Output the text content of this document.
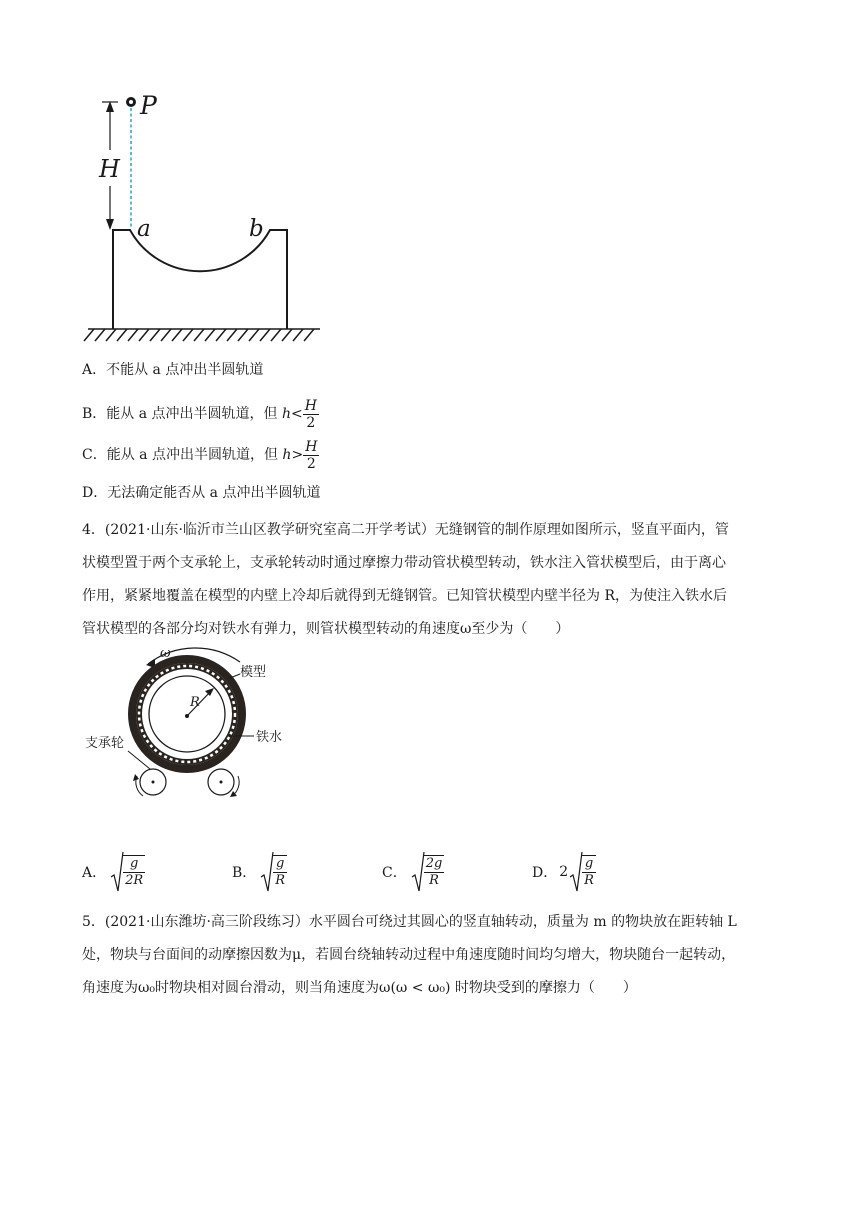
P
H
a	b
A．不能从 a 点冲出半圆轨道
B．能从 a 点冲出半圆轨道，但 $h< \frac{H}{2}$
C．能从 a 点冲出半圆轨道，但 $h> \frac{H}{2}$
D．无法确定能否从 a 点冲出半圆轨道
4．(2021·山东·临沂市兰山区教学研究室高二开学考试）无缝钢管的制作原理如图所示，竖直平面内，管
状模型置于两个支承轮上，支承轮转动时通过摩擦力带动管状模型转动，铁水注入管状模型后，由于离心
作用，紧紧地覆盖在模型的内壁上冷却后就得到无缝钢管。已知管状模型内壁半径为 R，为使注入铁水后
管状模型的各部分均对铁水有弹力，则管状模型转动的角速度ω至少为（　　）
ω
R
模型
铁水
支承轮
A． $\frac{g}{2R}$	B． $\frac{g}{R}$	C． $\frac{2g}{R}$	D． $2 \frac{g}{R}$
5．(2021·山东潍坊·高三阶段练习）水平圆台可绕过其圆心的竖直轴转动，质量为 m 的物块放在距转轴 L
处，物块与台面间的动摩擦因数为μ，若圆台绕轴转动过程中角速度随时间均匀增大，物块随台一起转动，
角速度为ω₀时物块相对圆台滑动，则当角速度为ω(ω < ω₀) 时物块受到的摩擦力（　　）
